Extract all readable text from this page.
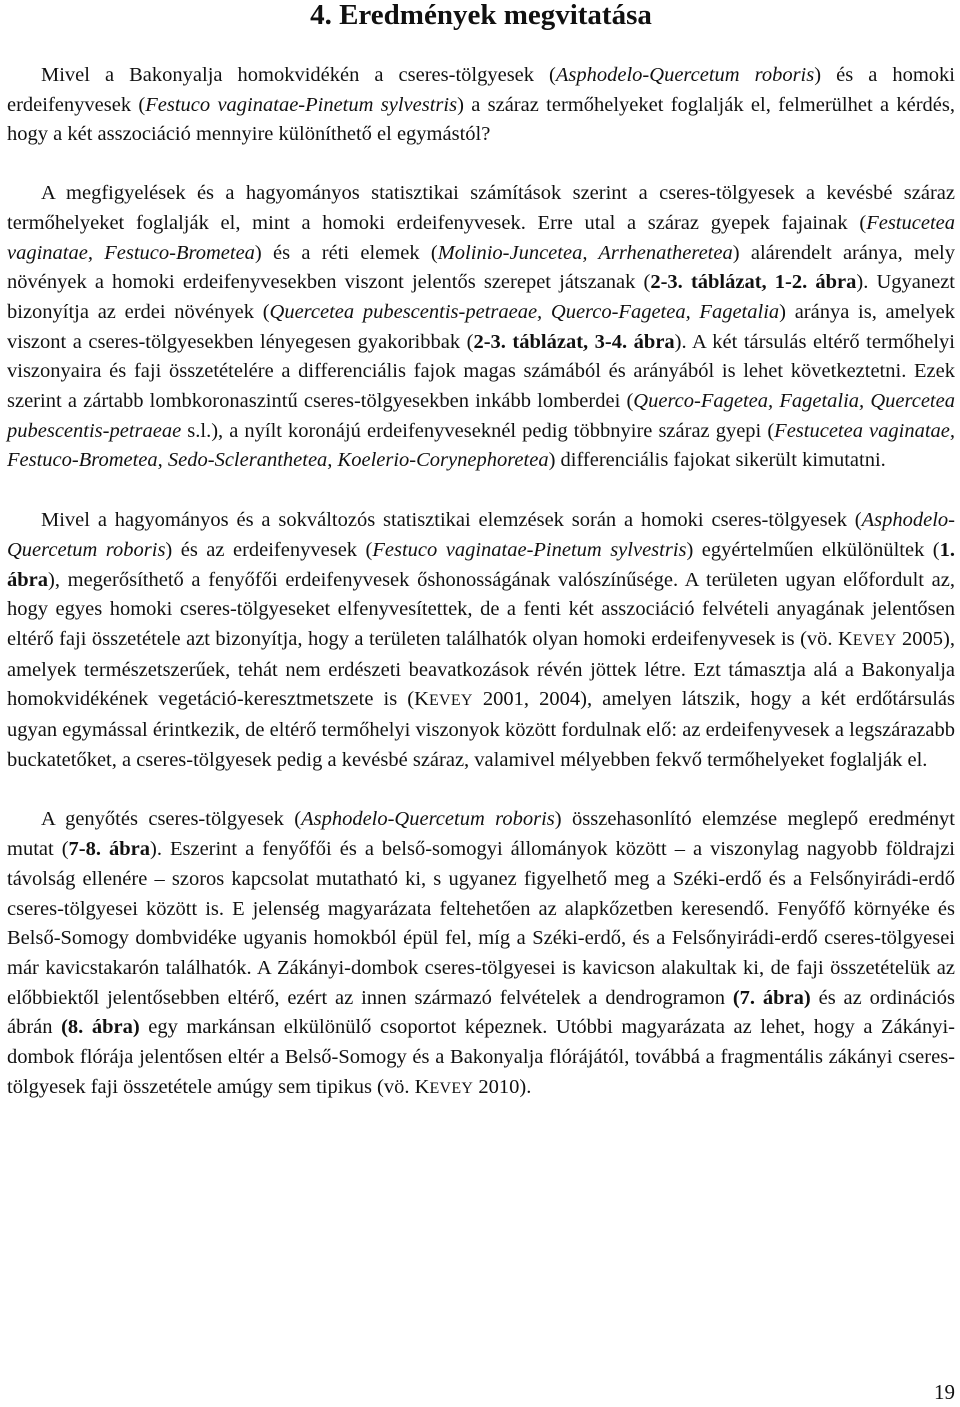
4. Eredmények megvitatása

Mivel a Bakonyalja homokvidékén a cseres-tölgyesek (Asphodelo-Quercetum roboris) és a homoki erdeifenyvesek (Festuco vaginatae-Pinetum sylvestris) a száraz termőhelyeket foglalják el, felmerülhet a kérdés, hogy a két asszociáció mennyire különíthető el egymástól?

A megfigyelések és a hagyományos statisztikai számítások szerint a cseres-tölgyesek a kevésbé száraz termőhelyeket foglalják el, mint a homoki erdeifenyvesek. Erre utal a száraz gyepek fajainak (Festucetea vaginatae, Festuco-Brometea) és a réti elemek (Molinio-Juncetea, Arrhenatheretea) alárendelt aránya, mely növények a homoki erdeifenyvesekben viszont jelentős szerepet játszanak (2-3. táblázat, 1-2. ábra). Ugyanezt bizonyítja az erdei növények (Quercetea pubescentis-petraeae, Querco-Fagetea, Fagetalia) aránya is, amelyek viszont a cseres-tölgyesekben lényegesen gyakoribbak (2-3. táblázat, 3-4. ábra). A két társulás eltérő termőhelyi viszonyaira és faji összetételére a differenciális fajok magas számából és arányából is lehet következtetni. Ezek szerint a zártabb lombkoronaszintű cseres-tölgyesekben inkább lomberdei (Querco-Fagetea, Fagetalia, Quercetea pubescentis-petraeae s.l.), a nyílt koronájú erdeifenyveseknél pedig többnyire száraz gyepi (Festucetea vaginatae, Festuco-Brometea, Sedo-Scleranthetea, Koelerio-Corynephoretea) differenciális fajokat sikerült kimutatni.

Mivel a hagyományos és a sokváltozós statisztikai elemzések során a homoki cseres-tölgyesek (Asphodelo-Quercetum roboris) és az erdeifenyvesek (Festuco vaginatae-Pinetum sylvestris) egyértelműen elkülönültek (1. ábra), megerősíthető a fenyőfői erdeifenyvesek őshonosságának valószínűsége. A területen ugyan előfordult az, hogy egyes homoki cseres-tölgyeseket elfenyvesítettek, de a fenti két asszociáció felvételi anyagának jelentősen eltérő faji összetétele azt bizonyítja, hogy a területen találhatók olyan homoki erdeifenyvesek is (vö. KEVEY 2005), amelyek természetszerűek, tehát nem erdészeti beavatkozások révén jöttek létre. Ezt támasztja alá a Bakonyalja homokvidékének vegetáció-keresztmetszete is (KEVEY 2001, 2004), amelyen látszik, hogy a két erdőtársulás ugyan egymással érintkezik, de eltérő termőhelyi viszonyok között fordulnak elő: az erdeifenyvesek a legszárazabb buckatetőket, a cseres-tölgyesek pedig a kevésbé száraz, valamivel mélyebben fekvő termőhelyeket foglalják el.

A genyőtés cseres-tölgyesek (Asphodelo-Quercetum roboris) összehasonlító elemzése meglepő eredményt mutat (7-8. ábra). Eszerint a fenyőfői és a belső-somogyi állományok között – a viszonylag nagyobb földrajzi távolság ellenére – szoros kapcsolat mutatható ki, s ugyanez figyelhető meg a Széki-erdő és a Felsőnyirádi-erdő cseres-tölgyesei között is. E jelenség magyarázata feltehetően az alapkőzetben keresendő. Fenyőfő környéke és Belső-Somogy dombvidéke ugyanis homokból épül fel, míg a Széki-erdő, és a Felsőnyirádi-erdő cseres-tölgyesei már kavicstakarón találhatók. A Zákányi-dombok cseres-tölgyesei is kavicson alakultak ki, de faji összetételük az előbbiektől jelentősebben eltérő, ezért az innen származó felvételek a dendrogramon (7. ábra) és az ordinációs ábrán (8. ábra) egy markánsan elkülönülő csoportot képeznek. Utóbbi magyarázata az lehet, hogy a Zákányi-dombok flórája jelentősen eltér a Belső-Somogy és a Bakonyalja flórájától, továbbá a fragmentális zákányi cseres-tölgyesek faji összetétele amúgy sem tipikus (vö. KEVEY 2010).

19
